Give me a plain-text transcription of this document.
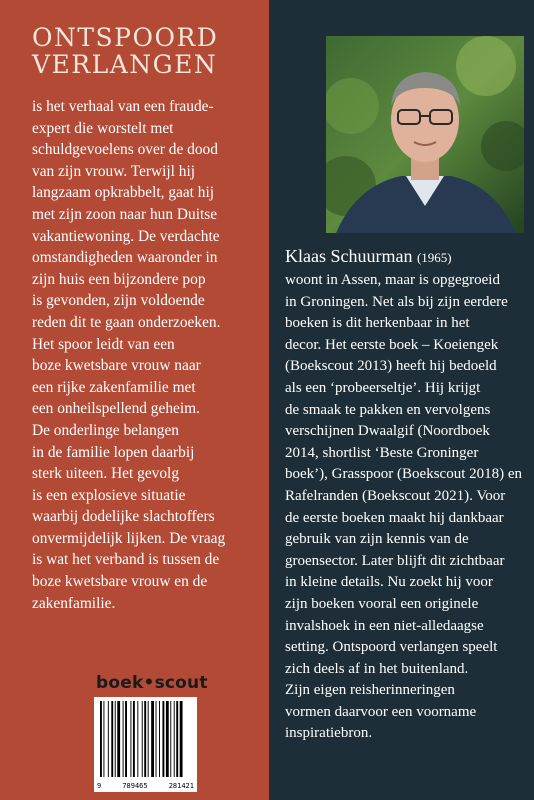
ONTSPOORD
VERLANGEN
is het verhaal van een fraude-
expert die worstelt met
schuldgevoelens over de dood
van zijn vrouw. Terwijl hij
langzaam opkrabbelt, gaat hij
met zijn zoon naar hun Duitse
vakantiewoning. De verdachte
omstandigheden waaronder in
zijn huis een bijzondere pop
is gevonden, zijn voldoende
reden dit te gaan onderzoeken.
Het spoor leidt van een
boze kwetsbare vrouw naar
een rijke zakenfamilie met
een onheilspellend geheim.
De onderlinge belangen
in de familie lopen daarbij
sterk uiteen. Het gevolg
is een explosieve situatie
waarbij dodelijke slachtoffers
onvermijdelijk lijken. De vraag
is wat het verband is tussen de
boze kwetsbare vrouw en de
zakenfamilie.
Klaas Schuurman (1965)
woont in Assen, maar is opgegroeid
in Groningen. Net als bij zijn eerdere
boeken is dit herkenbaar in het
decor. Het eerste boek – Koeiengek
(Boekscout 2013) heeft hij bedoeld
als een ‘probeerseltje’. Hij krijgt
de smaak te pakken en vervolgens
verschijnen Dwaalgif (Noordboek
2014, shortlist ‘Beste Groninger
boek’), Grasspoor (Boekscout 2018) en
Rafelranden (Boekscout 2021). Voor
de eerste boeken maakt hij dankbaar
gebruik van zijn kennis van de
groensector. Later blijft dit zichtbaar
in kleine details. Nu zoekt hij voor
zijn boeken vooral een originele
invalshoek in een niet-alledaagse
setting. Ontspoord verlangen speelt
zich deels af in het buitenland.
Zijn eigen reisherinneringen
vormen daarvoor een voorname
inspiratiebron.
boek•scout
9	789465	281421
